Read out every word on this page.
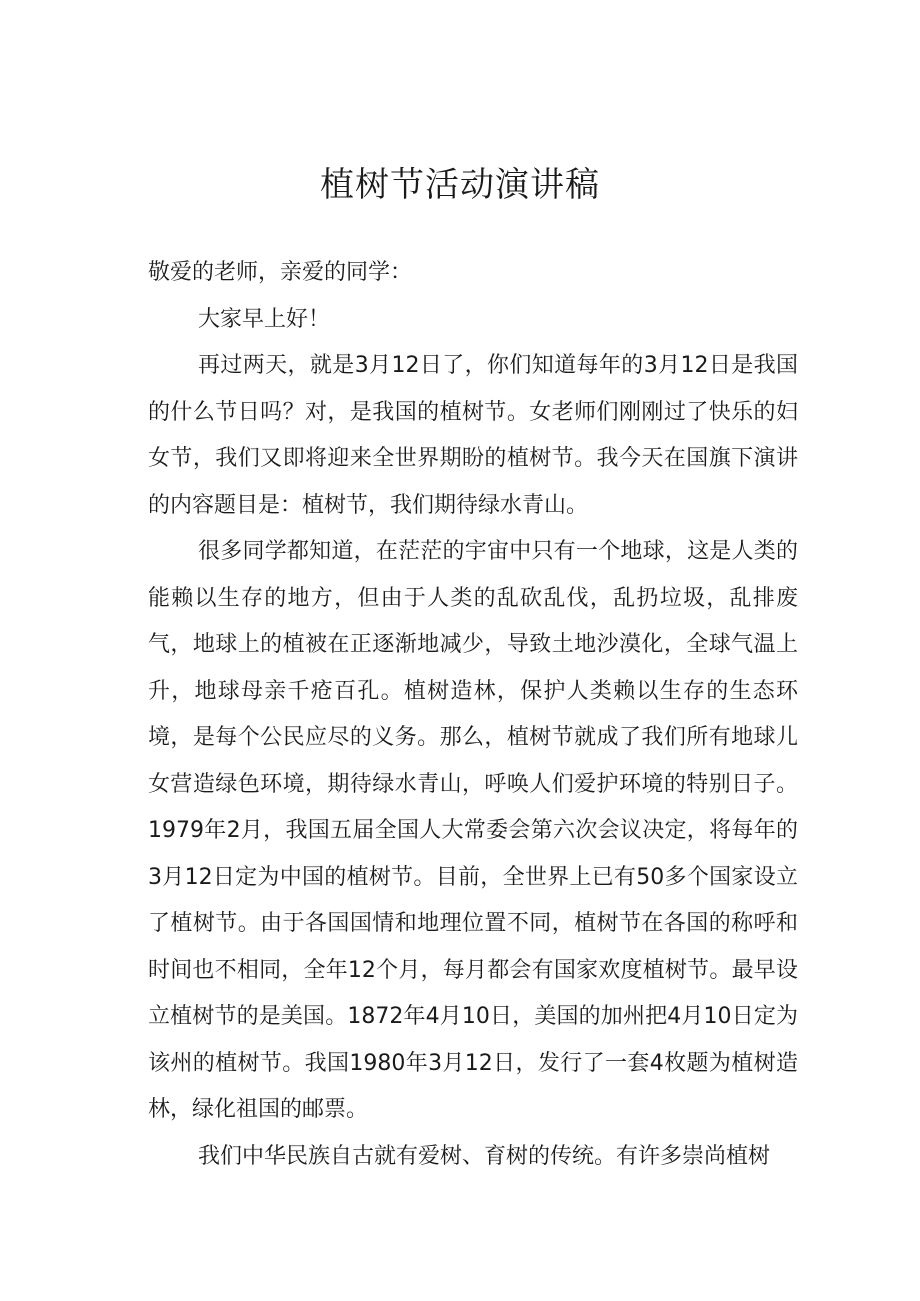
植树节活动演讲稿

敬爱的老师，亲爱的同学：

大家早上好！

再过两天，就是3月12日了，你们知道每年的3月12日是我国的什么节日吗？对，是我国的植树节。女老师们刚刚过了快乐的妇女节，我们又即将迎来全世界期盼的植树节。我今天在国旗下演讲的内容题目是：植树节，我们期待绿水青山。

很多同学都知道，在茫茫的宇宙中只有一个地球，这是人类的能赖以生存的地方，但由于人类的乱砍乱伐，乱扔垃圾，乱排废气，地球上的植被在正逐渐地减少，导致土地沙漠化，全球气温上升，地球母亲千疮百孔。植树造林，保护人类赖以生存的生态环境，是每个公民应尽的义务。那么，植树节就成了我们所有地球儿女营造绿色环境，期待绿水青山，呼唤人们爱护环境的特别日子。1979年2月，我国五届全国人大常委会第六次会议决定，将每年的3月12日定为中国的植树节。目前，全世界上已有50多个国家设立了植树节。由于各国国情和地理位置不同，植树节在各国的称呼和时间也不相同，全年12个月，每月都会有国家欢度植树节。最早设立植树节的是美国。1872年4月10日，美国的加州把4月10日定为该州的植树节。我国1980年3月12日，发行了一套4枚题为植树造林，绿化祖国的邮票。

我们中华民族自古就有爱树、育树的传统。有许多崇尚植树
